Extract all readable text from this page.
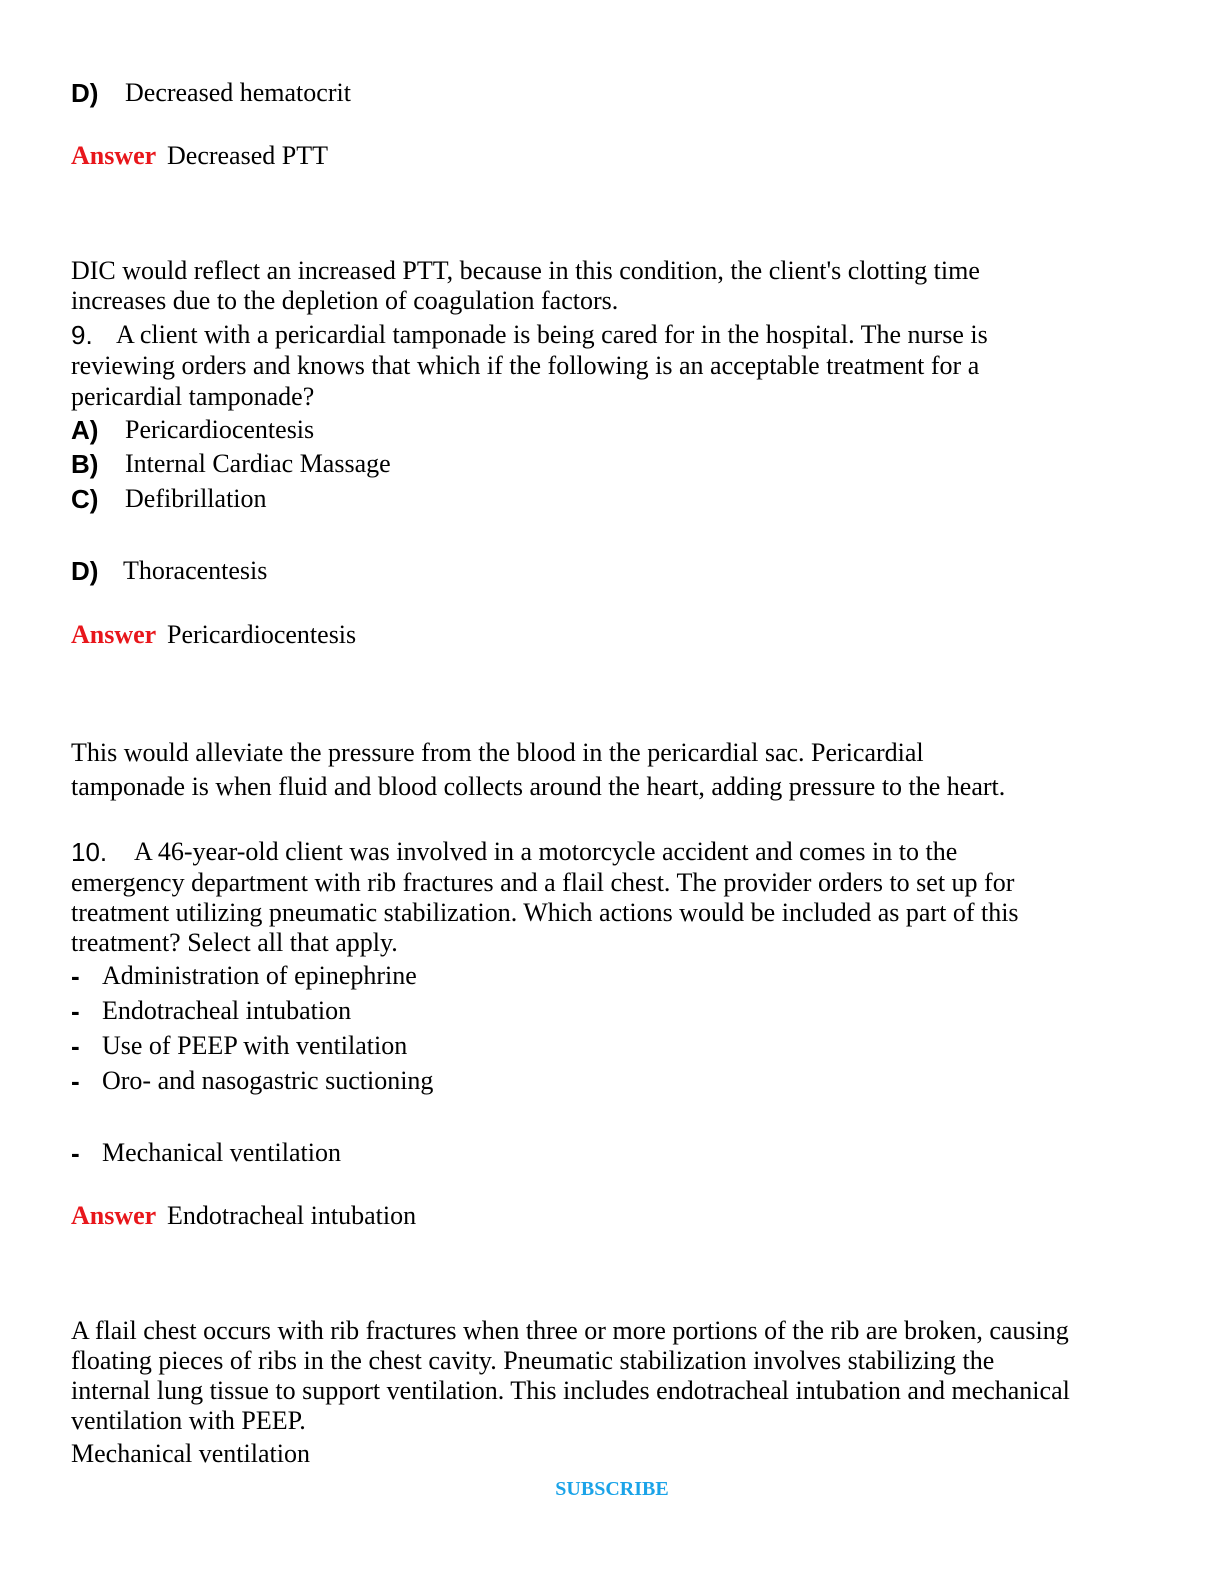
D) Decreased hematocrit
Answer Decreased PTT
DIC would reflect an increased PTT, because in this condition, the client's clotting time
increases due to the depletion of coagulation factors.
9. A client with a pericardial tamponade is being cared for in the hospital. The nurse is
reviewing orders and knows that which if the following is an acceptable treatment for a
pericardial tamponade?
A) Pericardiocentesis
B) Internal Cardiac Massage
C) Defibrillation
D) Thoracentesis
Answer Pericardiocentesis
This would alleviate the pressure from the blood in the pericardial sac. Pericardial
tamponade is when fluid and blood collects around the heart, adding pressure to the heart.
10. A 46-year-old client was involved in a motorcycle accident and comes in to the
emergency department with rib fractures and a flail chest. The provider orders to set up for
treatment utilizing pneumatic stabilization. Which actions would be included as part of this
treatment? Select all that apply.
- Administration of epinephrine
- Endotracheal intubation
- Use of PEEP with ventilation
- Oro- and nasogastric suctioning
- Mechanical ventilation
Answer Endotracheal intubation
A flail chest occurs with rib fractures when three or more portions of the rib are broken, causing
floating pieces of ribs in the chest cavity. Pneumatic stabilization involves stabilizing the
internal lung tissue to support ventilation. This includes endotracheal intubation and mechanical
ventilation with PEEP.
Mechanical ventilation
SUBSCRIBE
